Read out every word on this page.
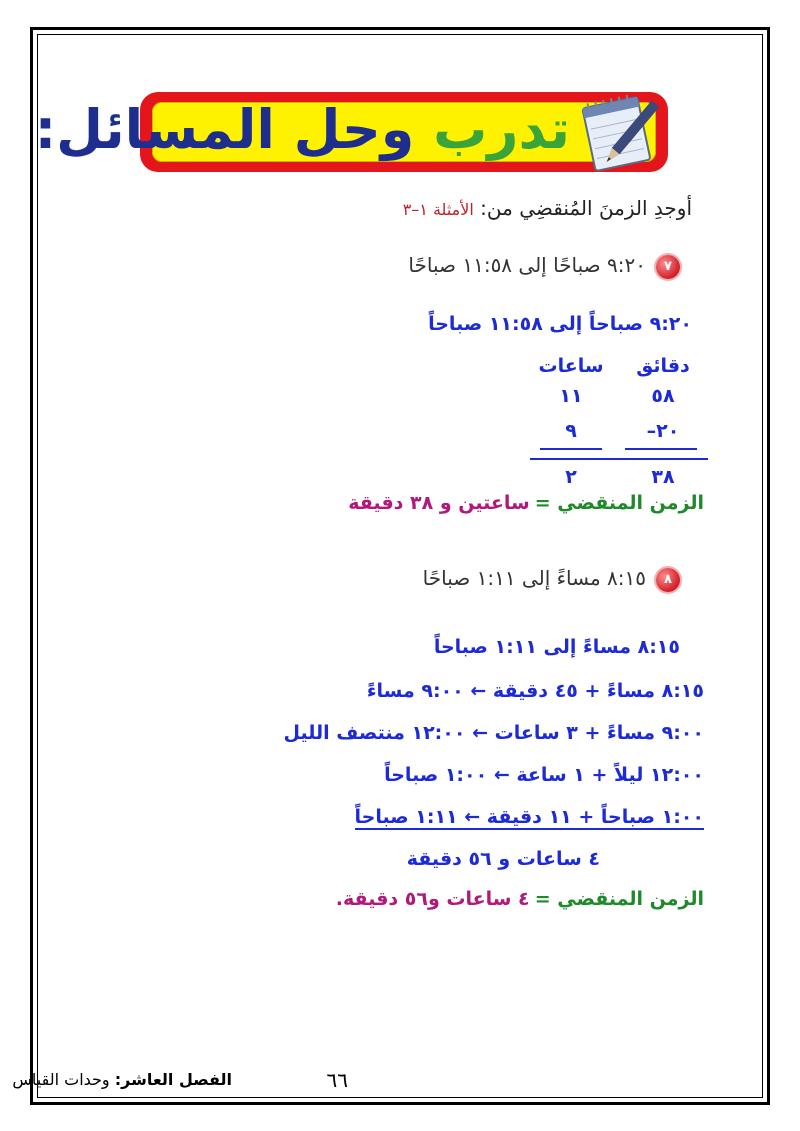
تدرب وحل المسائل:
أوجدِ الزمنَ المُنقضِي من: الأمثلة ١–٣
٧
٩:٢٠ صباحًا إلى ١١:٥٨ صباحًا
٩:٢٠ صباحاً إلى ١١:٥٨ صباحاً
دقائق
ساعات
٥٨
١١
٢٠–
٩
٣٨
٢
الزمن المنقضي = ساعتين و ٣٨ دقيقة
٨
٨:١٥ مساءً إلى ١:١١ صباحًا
٨:١٥ مساءً إلى ١:١١ صباحاً
٨:١٥ مساءً + ٤٥ دقيقة ← ٩:٠٠ مساءً
٩:٠٠ مساءً + ٣ ساعات ← ١٢:٠٠ منتصف الليل
١٢:٠٠ ليلاً + ١ ساعة ← ١:٠٠ صباحاً
١:٠٠ صباحاً + ١١ دقيقة ← ١:١١ صباحاً
٤ ساعات و ٥٦ دقيقة
الزمن المنقضي = ٤ ساعات و٥٦ دقيقة.
٦٦
الفصل العاشر: وحدات القياس
